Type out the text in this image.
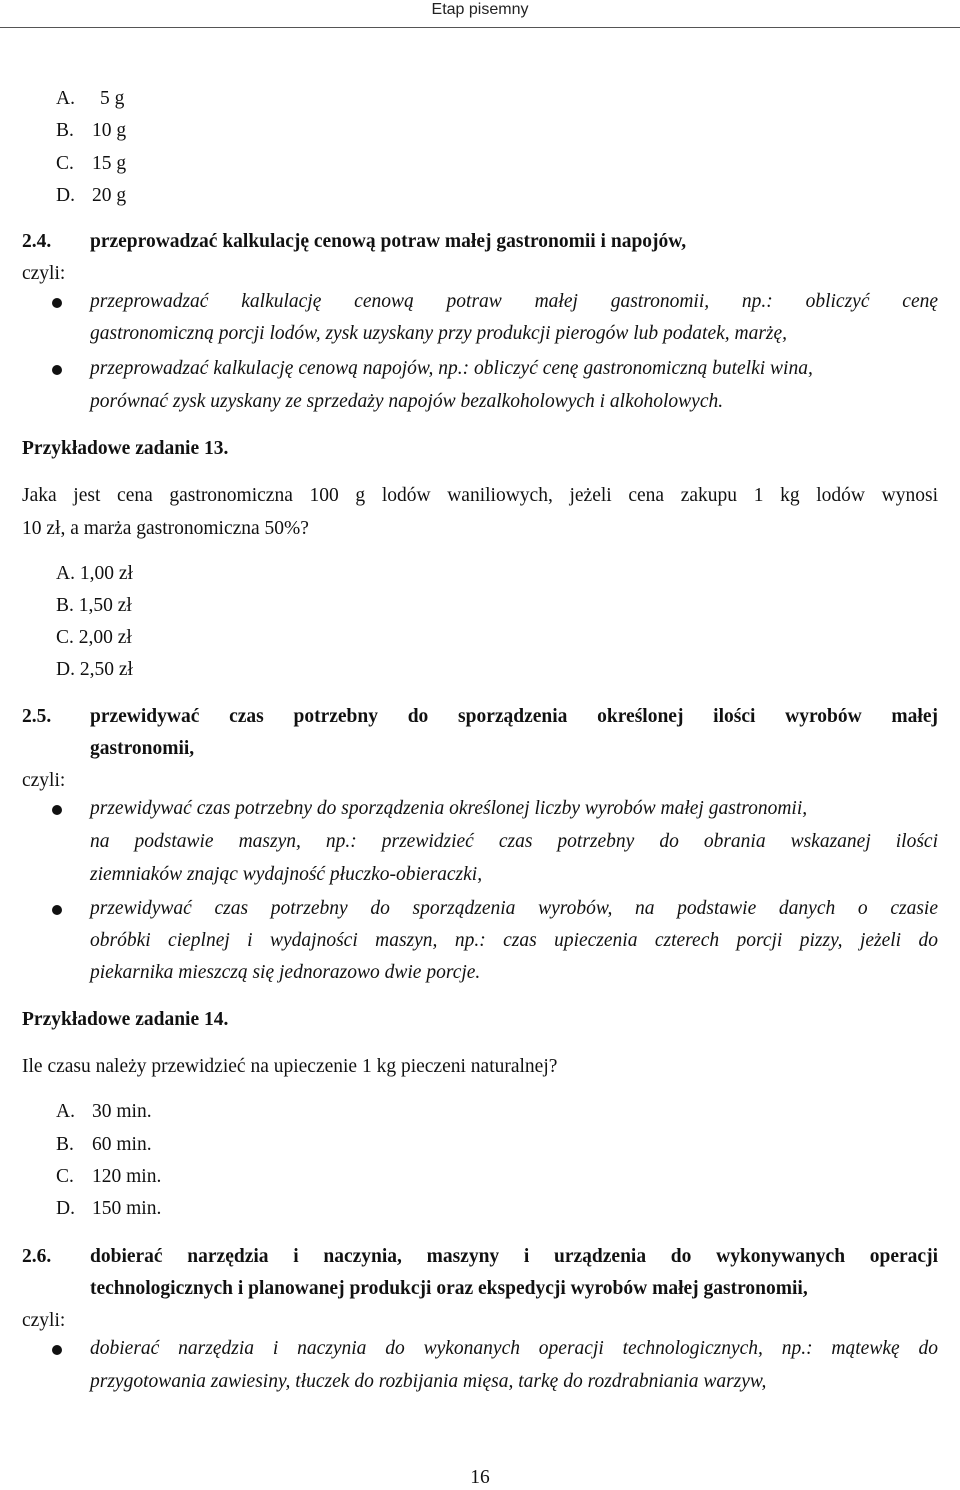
Etap pisemny
A. 5 g
B. 10 g
C. 15 g
D. 20 g
2.4. przeprowadzać kalkulację cenową potraw małej gastronomii i napojów,
czyli:
przeprowadzać kalkulację cenową potraw małej gastronomii, np.: obliczyć cenę
gastronomiczną porcji lodów, zysk uzyskany przy produkcji pierogów lub podatek, marżę,
przeprowadzać kalkulację cenową napojów, np.: obliczyć cenę gastronomiczną butelki wina,
porównać zysk uzyskany ze sprzedaży napojów bezalkoholowych i alkoholowych.
Przykładowe zadanie 13.
Jaka jest cena gastronomiczna 100 g lodów waniliowych, jeżeli cena zakupu 1 kg lodów wynosi
10 zł, a marża gastronomiczna 50%?
A. 1,00 zł
B. 1,50 zł
C. 2,00 zł
D. 2,50 zł
2.5. przewidywać czas potrzebny do sporządzenia określonej ilości wyrobów małej
gastronomii,
czyli:
przewidywać czas potrzebny do sporządzenia określonej liczby wyrobów małej gastronomii,
na podstawie maszyn, np.: przewidzieć czas potrzebny do obrania wskazanej ilości
ziemniaków znając wydajność płuczko-obieraczki,
przewidywać czas potrzebny do sporządzenia wyrobów, na podstawie danych o czasie
obróbki cieplnej i wydajności maszyn, np.: czas upieczenia czterech porcji pizzy, jeżeli do
piekarnika mieszczą się jednorazowo dwie porcje.
Przykładowe zadanie 14.
Ile czasu należy przewidzieć na upieczenie 1 kg pieczeni naturalnej?
A. 30 min.
B. 60 min.
C. 120 min.
D. 150 min.
2.6. dobierać narzędzia i naczynia, maszyny i urządzenia do wykonywanych operacji
technologicznych i planowanej produkcji oraz ekspedycji wyrobów małej gastronomii,
czyli:
dobierać narzędzia i naczynia do wykonanych operacji technologicznych, np.: mątewkę do
przygotowania zawiesiny, tłuczek do rozbijania mięsa, tarkę do rozdrabniania warzyw,
16
